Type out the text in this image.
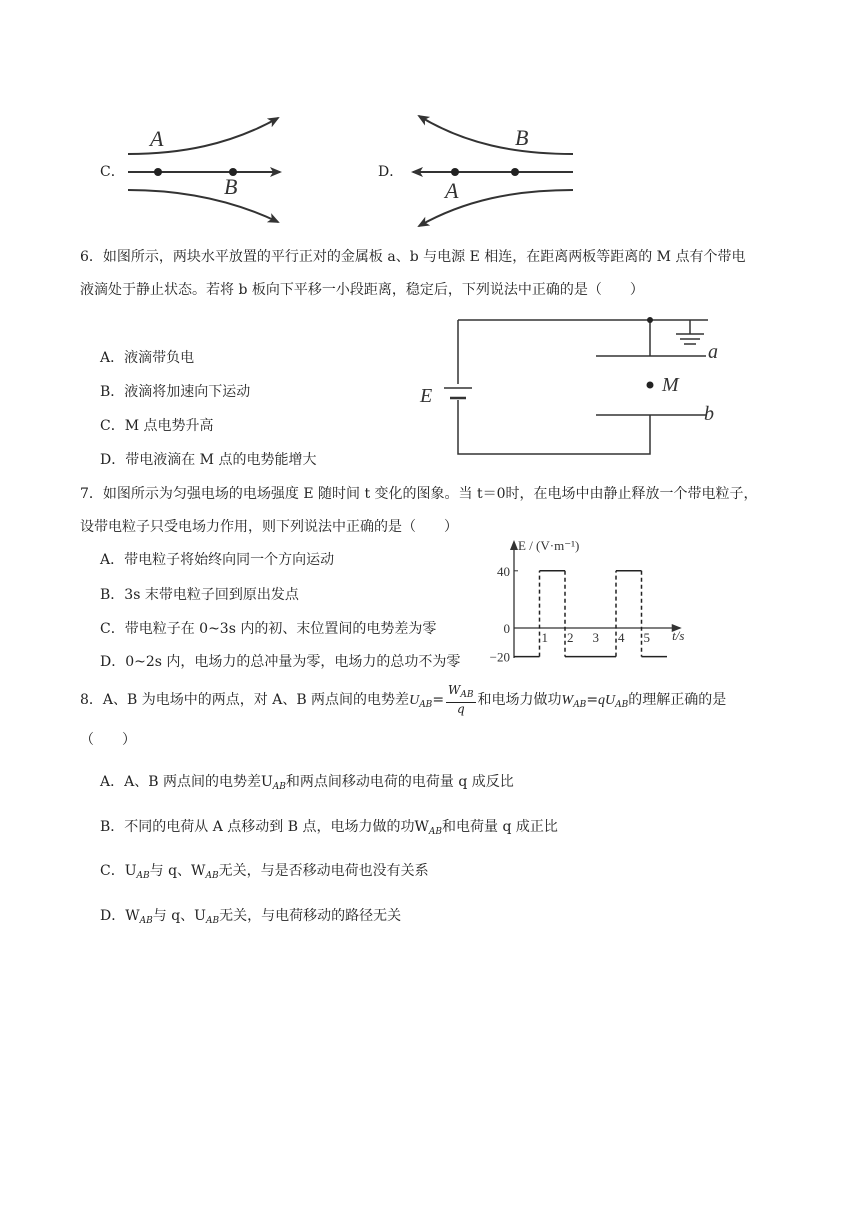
C．
A
B
D．
B
A
6．如图所示，两块水平放置的平行正对的金属板 a、b 与电源 E 相连，在距离两板等距离的 M 点有个带电
液滴处于静止状态。若将 b 板向下平移一小段距离，稳定后，下列说法中正确的是（　　）
A．液滴带负电
B．液滴将加速向下运动
C．M 点电势升高
D．带电液滴在 M 点的电势能增大
E
a
b
M
7．如图所示为匀强电场的电场强度 E 随时间 t 变化的图象。当 t＝0时，在电场中由静止释放一个带电粒子，
设带电粒子只受电场力作用，则下列说法中正确的是（　　）
A．带电粒子将始终向同一个方向运动
B．3s 末带电粒子回到原出发点
C．带电粒子在 0~3s 内的初、末位置间的电势差为零
D．0~2s 内，电场力的总冲量为零，电场力的总功不为零
E / (V·m⁻¹)
t/s
40
0
−20
1 2 3 4 5
8．A、B 为电场中的两点，对 A、B 两点间的电势差$U_{AB}= \frac{W_{AB}}{q}$ 和电场力做功$W_{AB}=qU_{AB}$的理解正确的是
（　　）
A．A、B 两点间的电势差$U_{AB}$和两点间移动电荷的电荷量 q 成反比
B．不同的电荷从 A 点移动到 B 点，电场力做的功$W_{AB}$和电荷量 q 成正比
C．$U_{AB}$与 q、$W_{AB}$无关，与是否移动电荷也没有关系
D．$W_{AB}$与 q、$U_{AB}$无关，与电荷移动的路径无关
